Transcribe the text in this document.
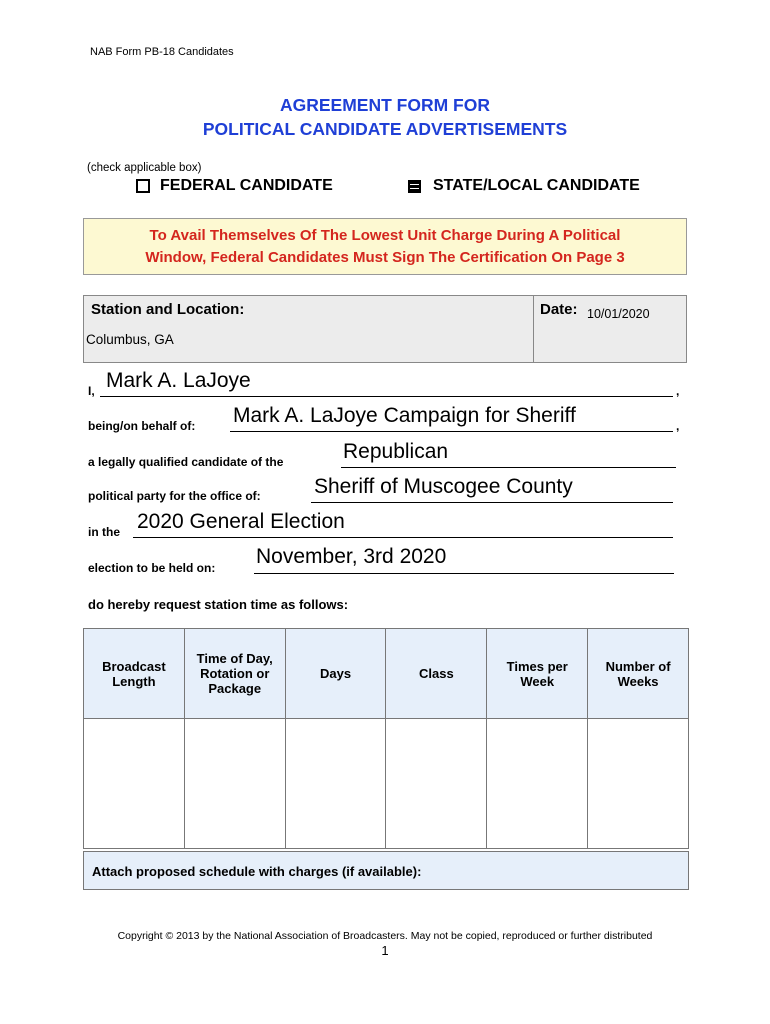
NAB Form PB-18 Candidates
AGREEMENT FORM FOR
POLITICAL CANDIDATE ADVERTISEMENTS
(check applicable box)
FEDERAL CANDIDATE	STATE/LOCAL CANDIDATE
To Avail Themselves Of The Lowest Unit Charge During A Political
Window, Federal Candidates Must Sign The Certification On Page 3
Station and Location:
Columbus, GA
Date: 10/01/2020
I, Mark A. LaJoye	,
being/on behalf of: Mark A. LaJoye Campaign for Sheriff	,
a legally qualified candidate of the	Republican
political party for the office of:	Sheriff of Muscogee County
in the 2020 General Election
election to be held on: November, 3rd 2020
do hereby request station time as follows:
Broadcast Length	Time of Day, Rotation or Package	Days	Class	Times per Week	Number of Weeks

Attach proposed schedule with charges (if available):
Copyright © 2013 by the National Association of Broadcasters. May not be copied, reproduced or further distributed
1
